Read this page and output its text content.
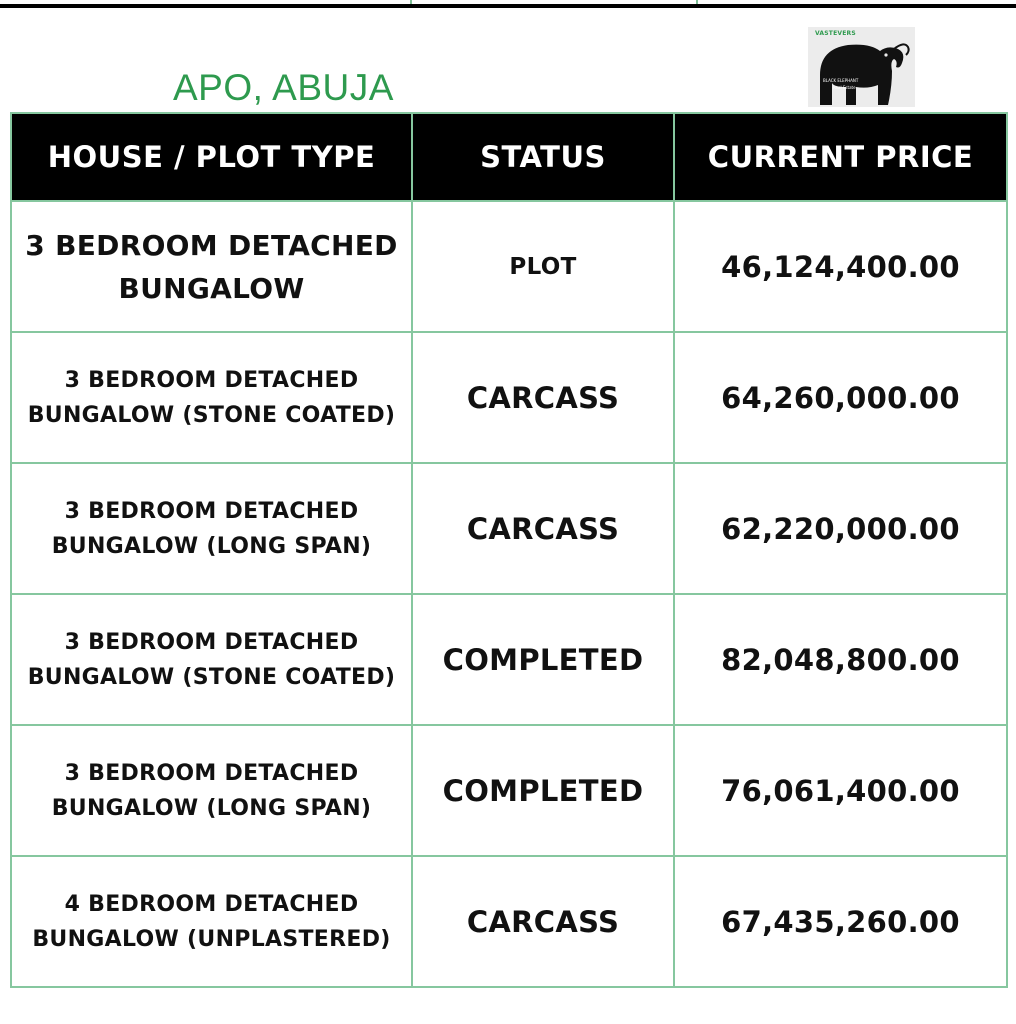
APO, ABUJA
VASTEVERS
BLACK ELEPHANT
Real Estate
HOUSE / PLOT TYPE	STATUS	CURRENT PRICE

3 BEDROOM DETACHED
BUNGALOW	PLOT	46,124,400.00

3 BEDROOM DETACHED
BUNGALOW (STONE COATED)	CARCASS	64,260,000.00

3 BEDROOM DETACHED
BUNGALOW (LONG SPAN)	CARCASS	62,220,000.00

3 BEDROOM DETACHED
BUNGALOW (STONE COATED)	COMPLETED	82,048,800.00

3 BEDROOM DETACHED
BUNGALOW (LONG SPAN)	COMPLETED	76,061,400.00

4 BEDROOM DETACHED
BUNGALOW (UNPLASTERED)	CARCASS	67,435,260.00
